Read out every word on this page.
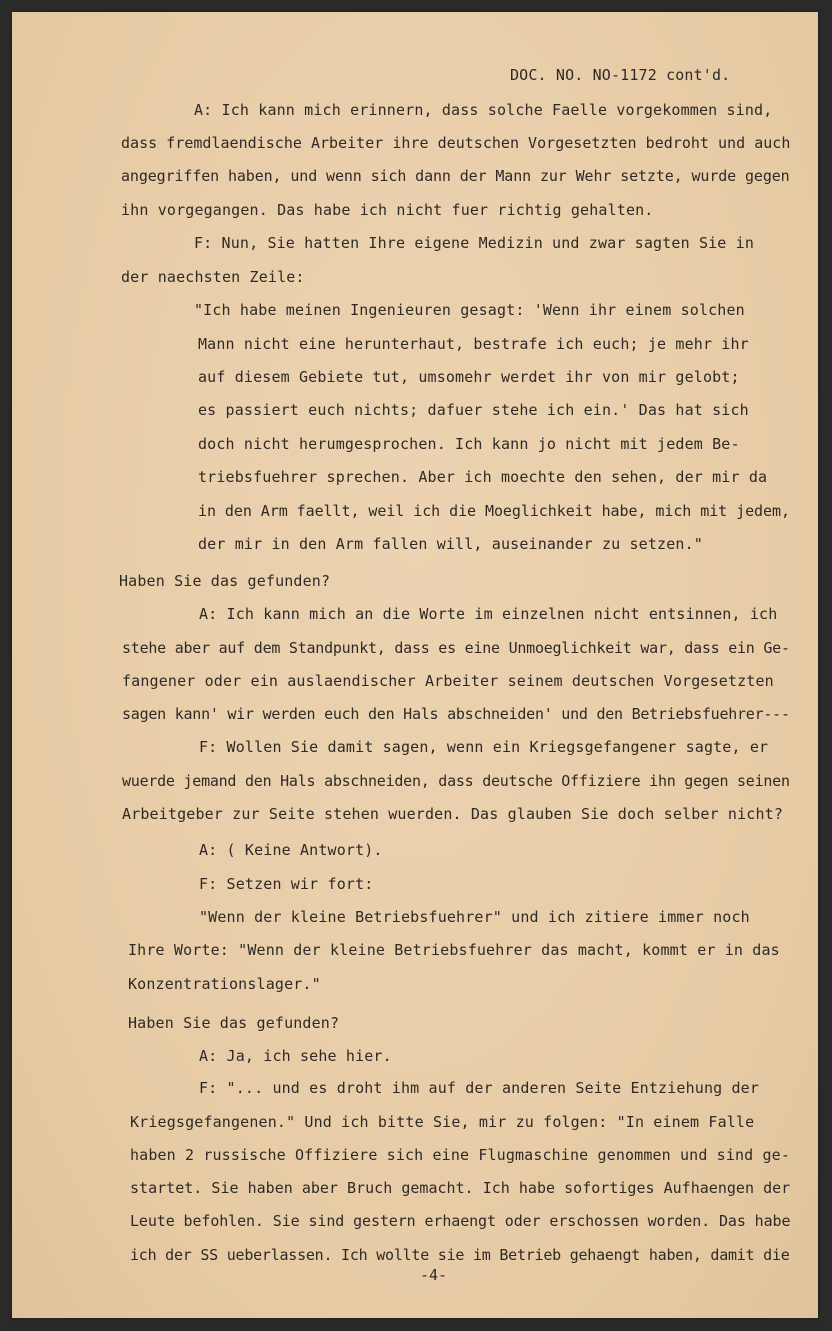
DOC. NO. NO-1172 cont'd.
A: Ich kann mich erinnern, dass solche Faelle vorgekommen sind,
dass fremdlaendische Arbeiter ihre deutschen Vorgesetzten bedroht und auch
angegriffen haben, und wenn sich dann der Mann zur Wehr setzte, wurde gegen
ihn vorgegangen. Das habe ich nicht fuer richtig gehalten.
F: Nun, Sie hatten Ihre eigene Medizin und zwar sagten Sie in
der naechsten Zeile:
"Ich habe meinen Ingenieuren gesagt: 'Wenn ihr einem solchen
Mann nicht eine herunterhaut, bestrafe ich euch; je mehr ihr
auf diesem Gebiete tut, umsomehr werdet ihr von mir gelobt;
es passiert euch nichts; dafuer stehe ich ein.' Das hat sich
doch nicht herumgesprochen. Ich kann jo nicht mit jedem Be-
triebsfuehrer sprechen. Aber ich moechte den sehen, der mir da
in den Arm faellt, weil ich die Moeglichkeit habe, mich mit jedem,
der mir in den Arm fallen will, auseinander zu setzen."
Haben Sie das gefunden?
A: Ich kann mich an die Worte im einzelnen nicht entsinnen, ich
stehe aber auf dem Standpunkt, dass es eine Unmoeglichkeit war, dass ein Ge-
fangener oder ein auslaendischer Arbeiter seinem deutschen Vorgesetzten
sagen kann' wir werden euch den Hals abschneiden' und den Betriebsfuehrer---
F: Wollen Sie damit sagen, wenn ein Kriegsgefangener sagte, er
wuerde jemand den Hals abschneiden, dass deutsche Offiziere ihn gegen seinen
Arbeitgeber zur Seite stehen wuerden. Das glauben Sie doch selber nicht?
A: ( Keine Antwort).
F: Setzen wir fort:
"Wenn der kleine Betriebsfuehrer" und ich zitiere immer noch
Ihre Worte: "Wenn der kleine Betriebsfuehrer das macht, kommt er in das
Konzentrationslager."
Haben Sie das gefunden?
A: Ja, ich sehe hier.
F: "... und es droht ihm auf der anderen Seite Entziehung der
Kriegsgefangenen." Und ich bitte Sie, mir zu folgen: "In einem Falle
haben 2 russische Offiziere sich eine Flugmaschine genommen und sind ge-
startet. Sie haben aber Bruch gemacht. Ich habe sofortiges Aufhaengen der
Leute befohlen. Sie sind gestern erhaengt oder erschossen worden. Das habe
ich der SS ueberlassen. Ich wollte sie im Betrieb gehaengt haben, damit die
-4-
